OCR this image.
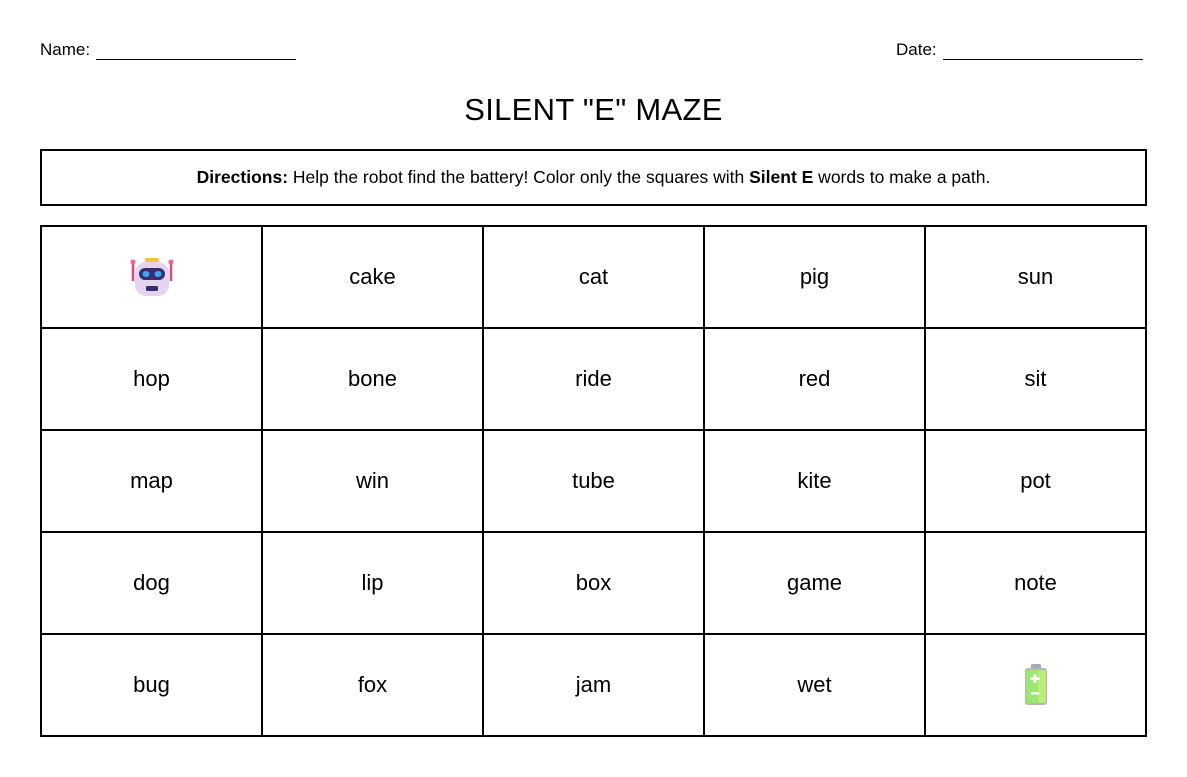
Name:	Date:
SILENT "E" MAZE
Directions: Help the robot find the battery! Color only the squares with Silent E words to make a path.
	cake	cat	pig	sun
hop	bone	ride	red	sit
map	win	tube	kite	pot
dog	lip	box	game	note
bug	fox	jam	wet	
